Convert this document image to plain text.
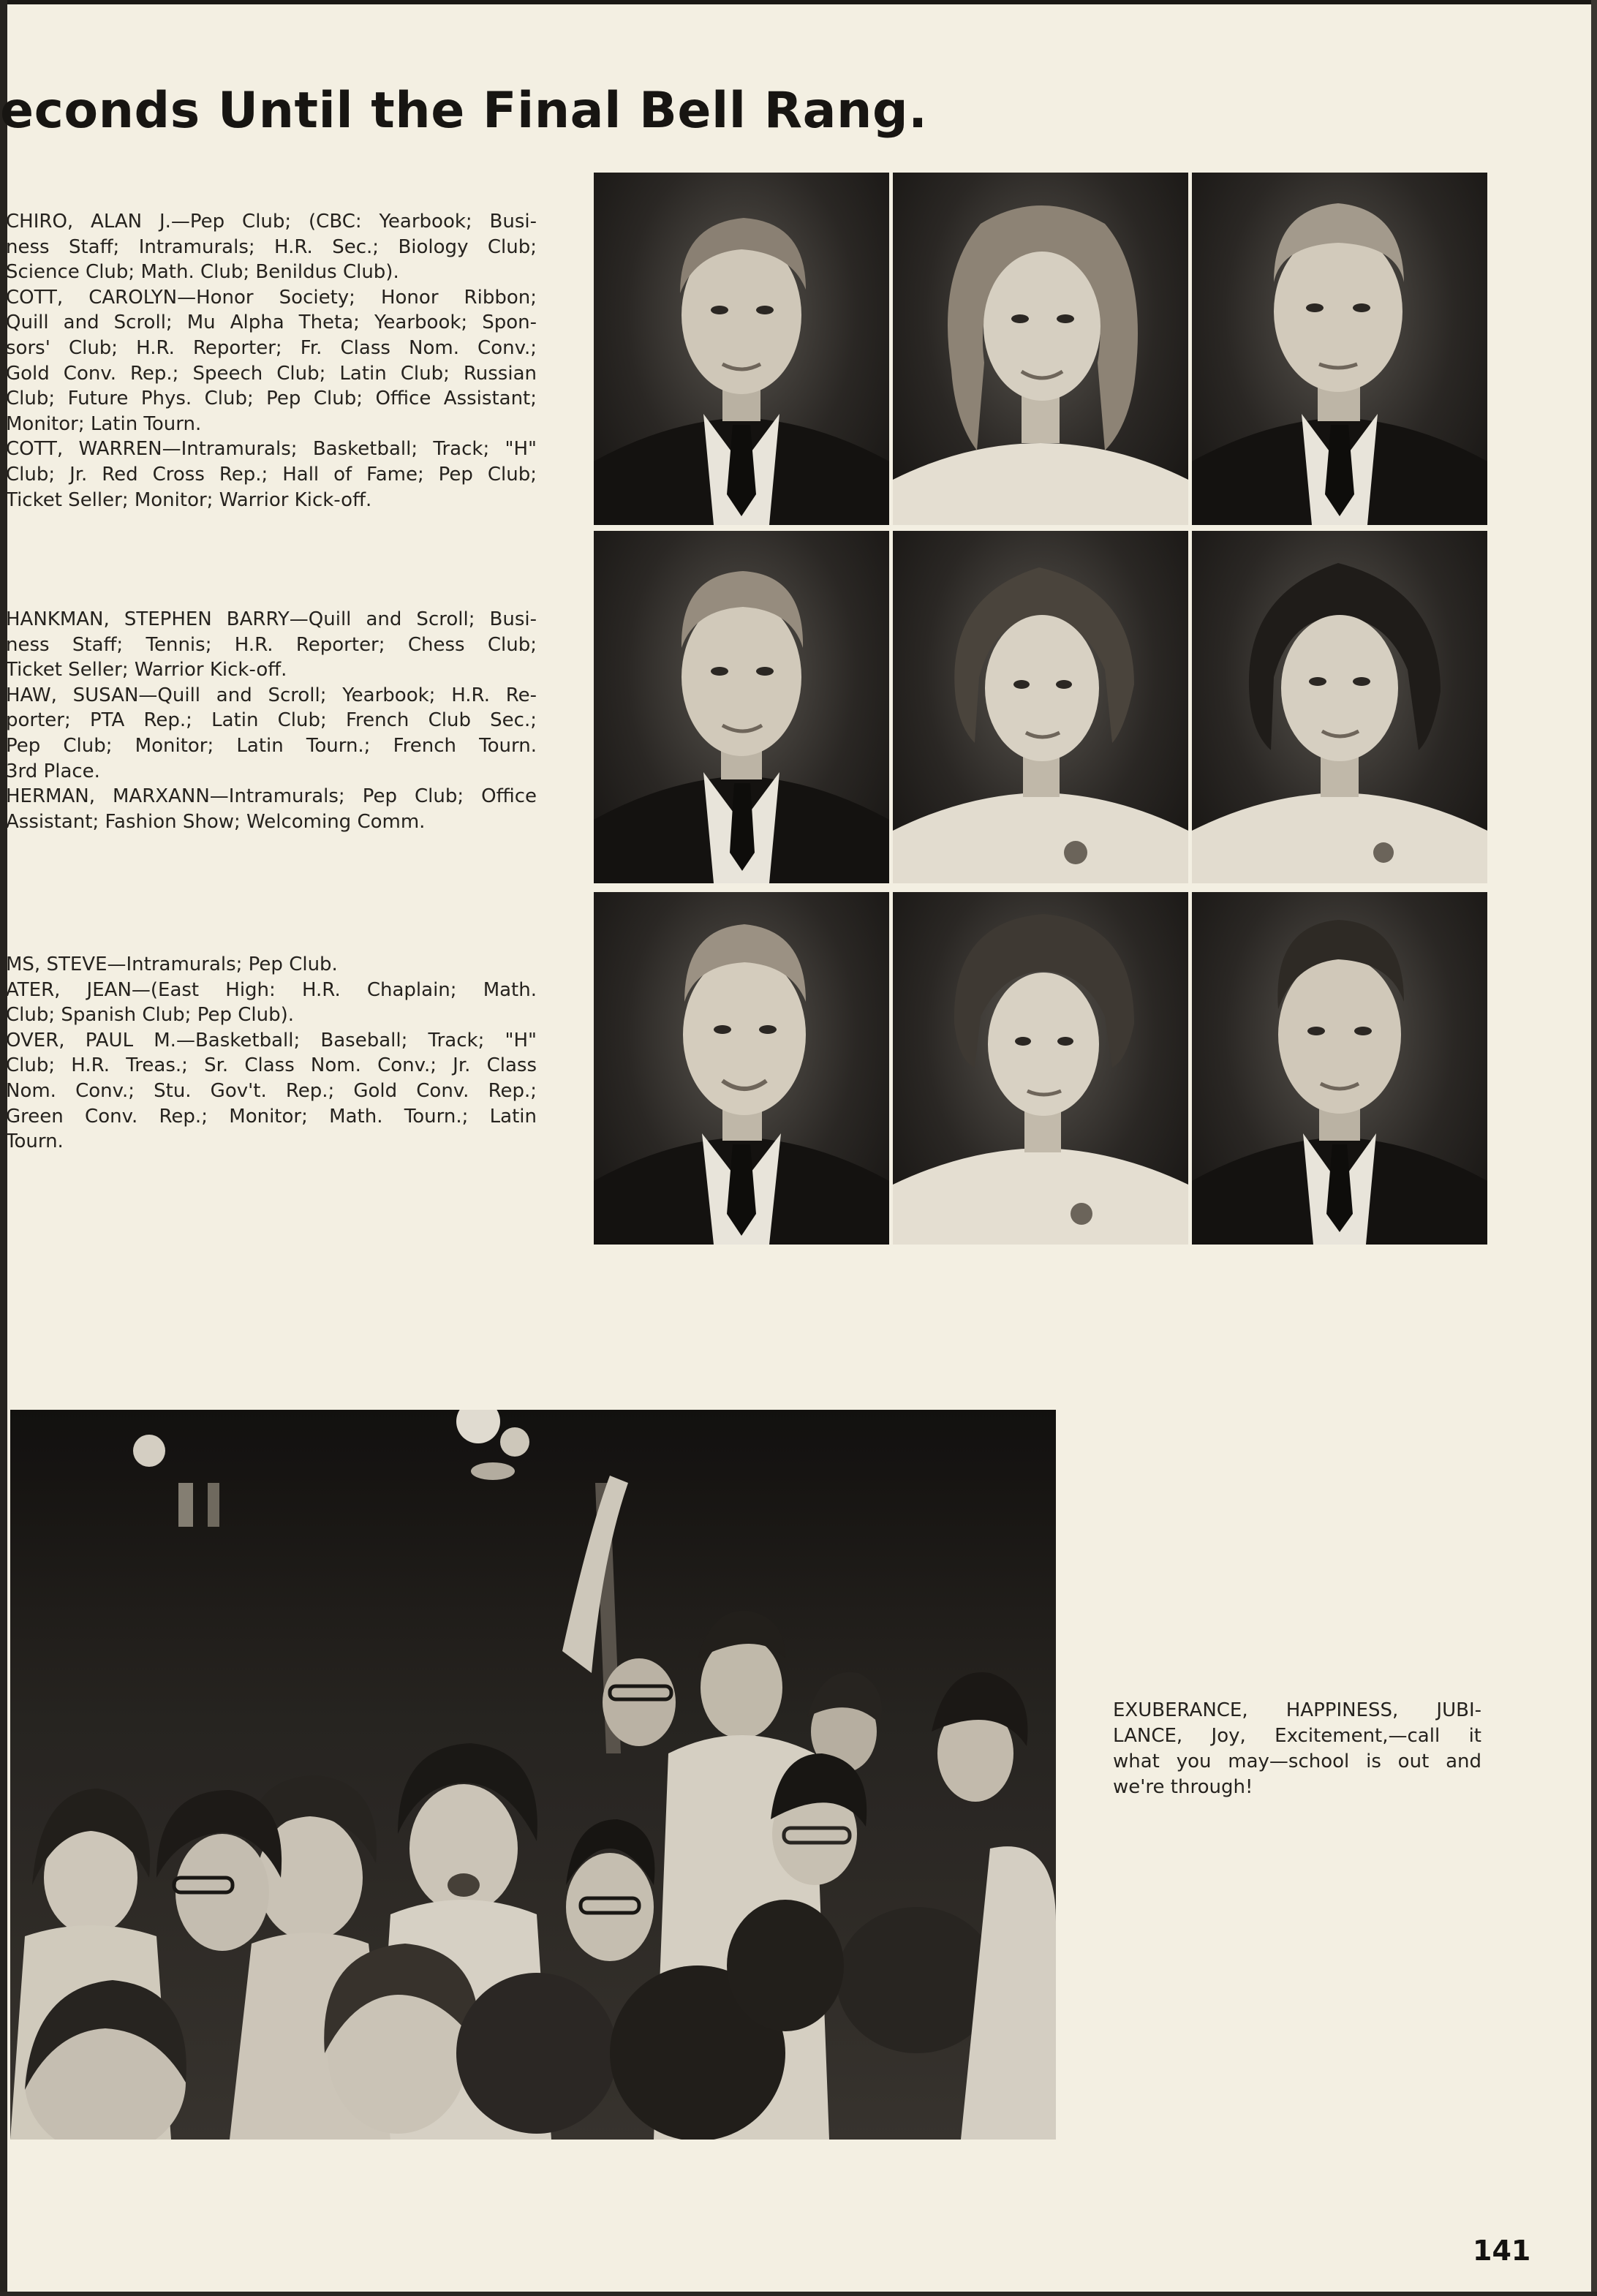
econds Until the Final Bell Rang.
CHIRO, ALAN J.—Pep Club; (CBC: Yearbook; Busi-
ness Staff; Intramurals; H.R. Sec.; Biology Club;
Science Club; Math. Club; Benildus Club).
COTT, CAROLYN—Honor Society; Honor Ribbon;
Quill and Scroll; Mu Alpha Theta; Yearbook; Spon-
sors' Club; H.R. Reporter; Fr. Class Nom. Conv.;
Gold Conv. Rep.; Speech Club; Latin Club; Russian
Club; Future Phys. Club; Pep Club; Office Assistant;
Monitor; Latin Tourn.
COTT, WARREN—Intramurals; Basketball; Track; "H"
Club; Jr. Red Cross Rep.; Hall of Fame; Pep Club;
Ticket Seller; Monitor; Warrior Kick-off.
HANKMAN, STEPHEN BARRY—Quill and Scroll; Busi-
ness Staff; Tennis; H.R. Reporter; Chess Club;
Ticket Seller; Warrior Kick-off.
HAW, SUSAN—Quill and Scroll; Yearbook; H.R. Re-
porter; PTA Rep.; Latin Club; French Club Sec.;
Pep Club; Monitor; Latin Tourn.; French Tourn.
3rd Place.
HERMAN, MARXANN—Intramurals; Pep Club; Office
Assistant; Fashion Show; Welcoming Comm.
MS, STEVE—Intramurals; Pep Club.
ATER, JEAN—(East High: H.R. Chaplain; Math.
Club; Spanish Club; Pep Club).
OVER, PAUL M.—Basketball; Baseball; Track; "H"
Club; H.R. Treas.; Sr. Class Nom. Conv.; Jr. Class
Nom. Conv.; Stu. Gov't. Rep.; Gold Conv. Rep.;
Green Conv. Rep.; Monitor; Math. Tourn.; Latin
Tourn.
EXUBERANCE, HAPPINESS, JUBI-
LANCE, Joy, Excitement,—call it
what you may—school is out and
we're through!
141
